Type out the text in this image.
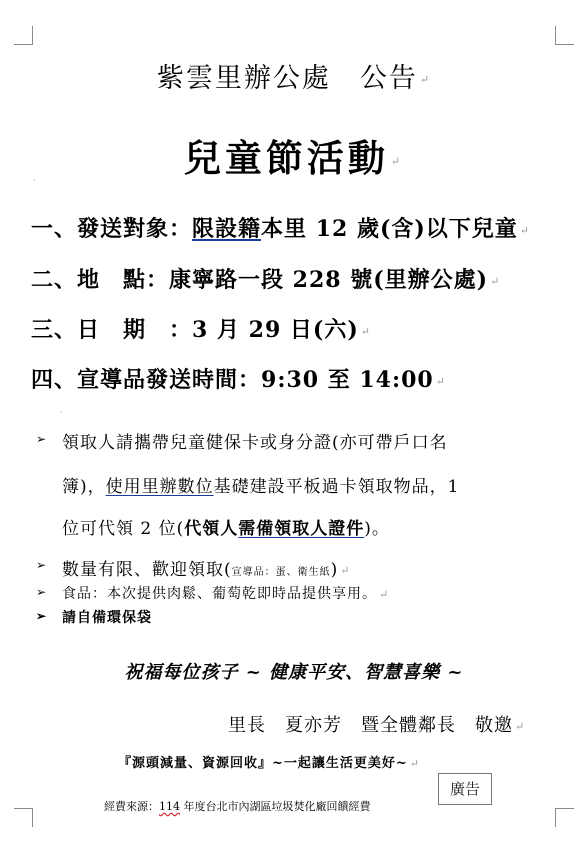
紫雲里辦公處　公告 ↵
兒童節活動 ↵
·
一、發送對象：限設籍本里 12 歲(含)以下兒童 ↵
二、地　點：康寧路一段 228 號(里辦公處) ↵
三、日　期　：3 月 29 日(六) ↵
四、宣導品發送時間：9:30 至 14:00 ↵
·
➢ 領取人請攜帶兒童健保卡或身分證(亦可帶戶口名
簿)，使用里辦數位基礎建設平板過卡領取物品，1
位可代領 2 位(代領人需備領取人證件)。
➢ 數量有限、歡迎領取(宣導品：蛋、衛生紙) ↵
➢ 食品：本次提供肉鬆、葡萄乾即時品提供享用。 ↵
➢ 請自備環保袋
祝福每位孩子 ~ 健康平安、智慧喜樂 ~
里長　夏亦芳　暨全體鄰長　敬邀 ↵
『源頭減量、資源回收』~一起讓生活更美好~ ↵
經費來源：114 年度台北市內湖區垃圾焚化廠回饋經費
廣告
